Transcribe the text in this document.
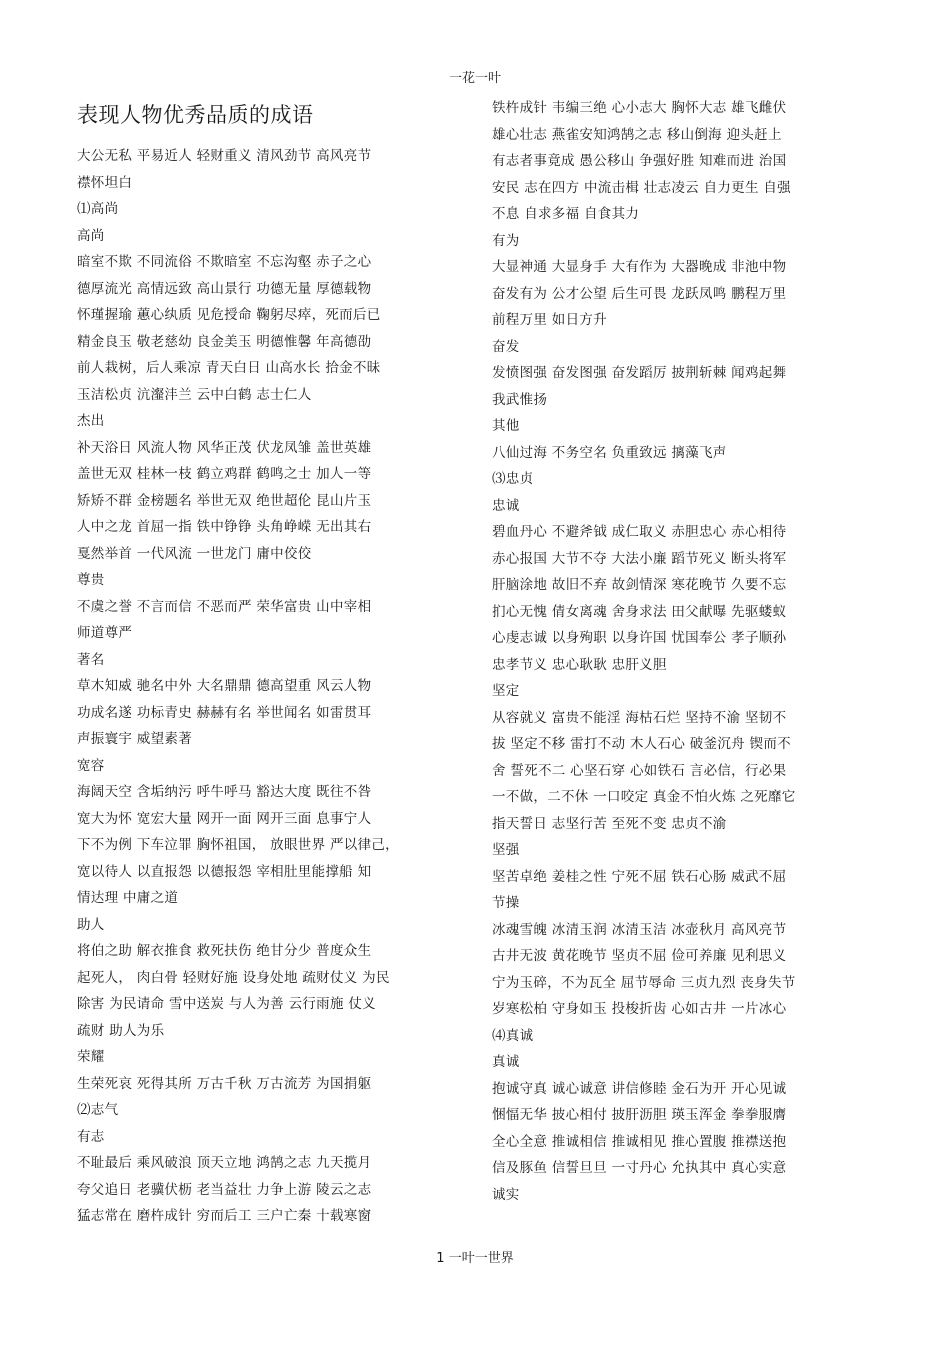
一花一叶
表现人物优秀品质的成语
大公无私 平易近人 轻财重义 清风劲节 高风亮节
襟怀坦白
⑴高尚
高尚
暗室不欺 不同流俗 不欺暗室 不忘沟壑 赤子之心
德厚流光 高情远致 高山景行 功德无量 厚德载物
怀瑾握瑜 蕙心纨质 见危授命 鞠躬尽瘁，死而后已
精金良玉 敬老慈幼 良金美玉 明德惟馨 年高德劭
前人栽树，后人乘凉 青天白日 山高水长 拾金不昧
玉洁松贞 沆瀣沣兰 云中白鹤 志士仁人
杰出
补天浴日 风流人物 风华正茂 伏龙凤雏 盖世英雄
盖世无双 桂林一枝 鹤立鸡群 鹤鸣之士 加人一等
矫矫不群 金榜题名 举世无双 绝世超伦 昆山片玉
人中之龙 首屈一指 铁中铮铮 头角峥嵘 无出其右
戛然举首 一代风流 一世龙门 庸中佼佼
尊贵
不虞之誉 不言而信 不恶而严 荣华富贵 山中宰相
师道尊严
著名
草木知威 驰名中外 大名鼎鼎 德高望重 风云人物
功成名遂 功标青史 赫赫有名 举世闻名 如雷贯耳
声振寰宇 威望素著
宽容
海阔天空 含垢纳污 呼牛呼马 豁达大度 既往不咎
宽大为怀 宽宏大量 网开一面 网开三面 息事宁人
下不为例 下车泣罪 胸怀祖国， 放眼世界 严以律己，
宽以待人 以直报怨 以德报怨 宰相肚里能撑船 知
情达理 中庸之道
助人
将伯之助 解衣推食 救死扶伤 绝甘分少 普度众生
起死人， 肉白骨 轻财好施 设身处地 疏财仗义 为民
除害 为民请命 雪中送炭 与人为善 云行雨施 仗义
疏财 助人为乐
荣耀
生荣死哀 死得其所 万古千秋 万古流芳 为国捐躯
⑵志气
有志
不耻最后 乘风破浪 顶天立地 鸿鹄之志 九天揽月
夸父追日 老骥伏枥 老当益壮 力争上游 陵云之志
猛志常在 磨杵成针 穷而后工 三户亡秦 十载寒窗
铁杵成针 韦编三绝 心小志大 胸怀大志 雄飞雌伏
雄心壮志 燕雀安知鸿鹄之志 移山倒海 迎头赶上
有志者事竟成 愚公移山 争强好胜 知难而进 治国
安民 志在四方 中流击楫 壮志凌云 自力更生 自强
不息 自求多福 自食其力
有为
大显神通 大显身手 大有作为 大器晚成 非池中物
奋发有为 公才公望 后生可畏 龙跃凤鸣 鹏程万里
前程万里 如日方升
奋发
发愤图强 奋发图强 奋发蹈厉 披荆斩棘 闻鸡起舞
我武惟扬
其他
八仙过海 不务空名 负重致远 摛藻飞声
⑶忠贞
忠诚
碧血丹心 不避斧钺 成仁取义 赤胆忠心 赤心相待
赤心报国 大节不夺 大法小廉 蹈节死义 断头将军
肝脑涂地 故旧不弃 故剑情深 寒花晚节 久要不忘
扪心无愧 倩女离魂 舍身求法 田父献曝 先驱蝼蚁
心虔志诚 以身殉职 以身许国 忧国奉公 孝子顺孙
忠孝节义 忠心耿耿 忠肝义胆
坚定
从容就义 富贵不能淫 海枯石烂 坚持不渝 坚韧不
拔 坚定不移 雷打不动 木人石心 破釜沉舟 锲而不
舍 誓死不二 心坚石穿 心如铁石 言必信，行必果
一不做，二不休 一口咬定 真金不怕火炼 之死靡它
指天誓日 志坚行苦 至死不变 忠贞不渝
坚强
坚苦卓绝 姜桂之性 宁死不屈 铁石心肠 威武不屈
节操
冰魂雪魄 冰清玉润 冰清玉洁 冰壶秋月 高风亮节
古井无波 黄花晚节 坚贞不屈 俭可养廉 见利思义
宁为玉碎，不为瓦全 屈节辱命 三贞九烈 丧身失节
岁寒松柏 守身如玉 投梭折齿 心如古井 一片冰心
⑷真诚
真诚
抱诚守真 诚心诚意 讲信修睦 金石为开 开心见诚
悃愊无华 披心相付 披肝沥胆 瑛玉浑金 拳拳服膺
全心全意 推诚相信 推诚相见 推心置腹 推襟送抱
信及豚鱼 信誓旦旦 一寸丹心 允执其中 真心实意
诚实
1 一叶一世界
